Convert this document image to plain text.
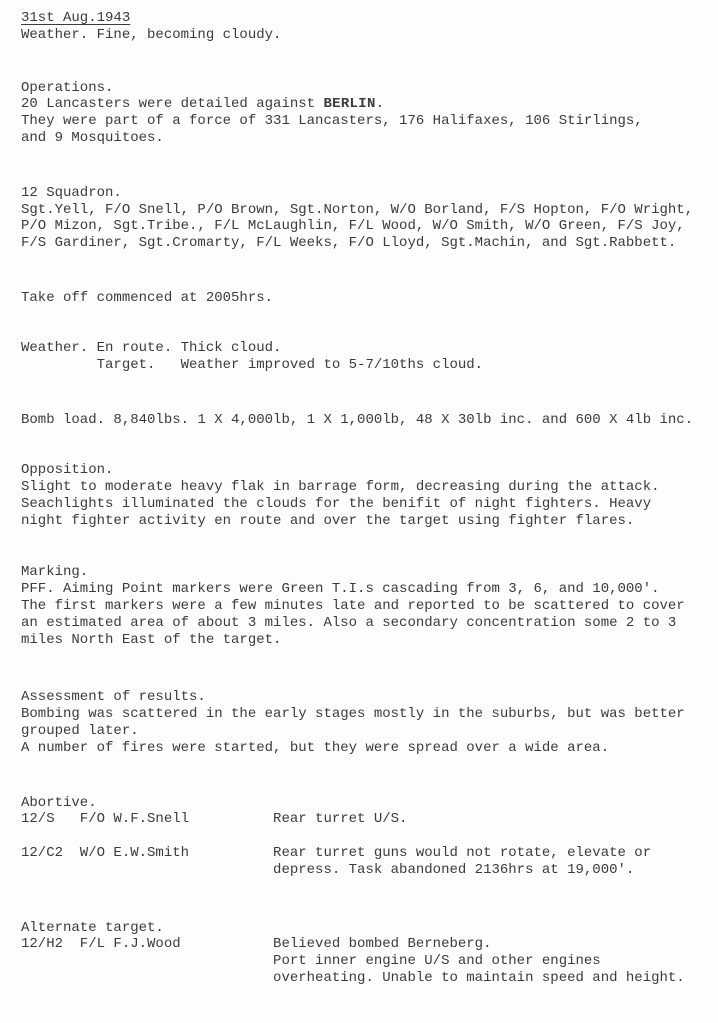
31st Aug.1943
Weather. Fine, becoming cloudy.
Operations.
20 Lancasters were detailed against BERLIN.
They were part of a force of 331 Lancasters, 176 Halifaxes, 106 Stirlings,
and 9 Mosquitoes.
12 Squadron.
Sgt.Yell, F/O Snell, P/O Brown, Sgt.Norton, W/O Borland, F/S Hopton, F/O Wright,
P/O Mizon, Sgt.Tribe., F/L McLaughlin, F/L Wood, W/O Smith, W/O Green, F/S Joy,
F/S Gardiner, Sgt.Cromarty, F/L Weeks, F/O Lloyd, Sgt.Machin, and Sgt.Rabbett.
Take off commenced at 2005hrs.
Weather. En route. Thick cloud.
Target.   Weather improved to 5-7/10ths cloud.
Bomb load. 8,840lbs. 1 X 4,000lb, 1 X 1,000lb, 48 X 30lb inc. and 600 X 4lb inc.
Opposition.
Slight to moderate heavy flak in barrage form, decreasing during the attack.
Seachlights illuminated the clouds for the benifit of night fighters. Heavy
night fighter activity en route and over the target using fighter flares.
Marking.
PFF. Aiming Point markers were Green T.I.s cascading from 3, 6, and 10,000'.
The first markers were a few minutes late and reported to be scattered to cover
an estimated area of about 3 miles. Also a secondary concentration some 2 to 3
miles North East of the target.
Assessment of results.
Bombing was scattered in the early stages mostly in the suburbs, but was better
grouped later.
A number of fires were started, but they were spread over a wide area.
Abortive.
12/S   F/O W.F.Snell          Rear turret U/S.
12/C2  W/O E.W.Smith          Rear turret guns would not rotate, elevate or
depress. Task abandoned 2136hrs at 19,000'.
Alternate target.
12/H2  F/L F.J.Wood           Believed bombed Berneberg.
Port inner engine U/S and other engines
overheating. Unable to maintain speed and height.
